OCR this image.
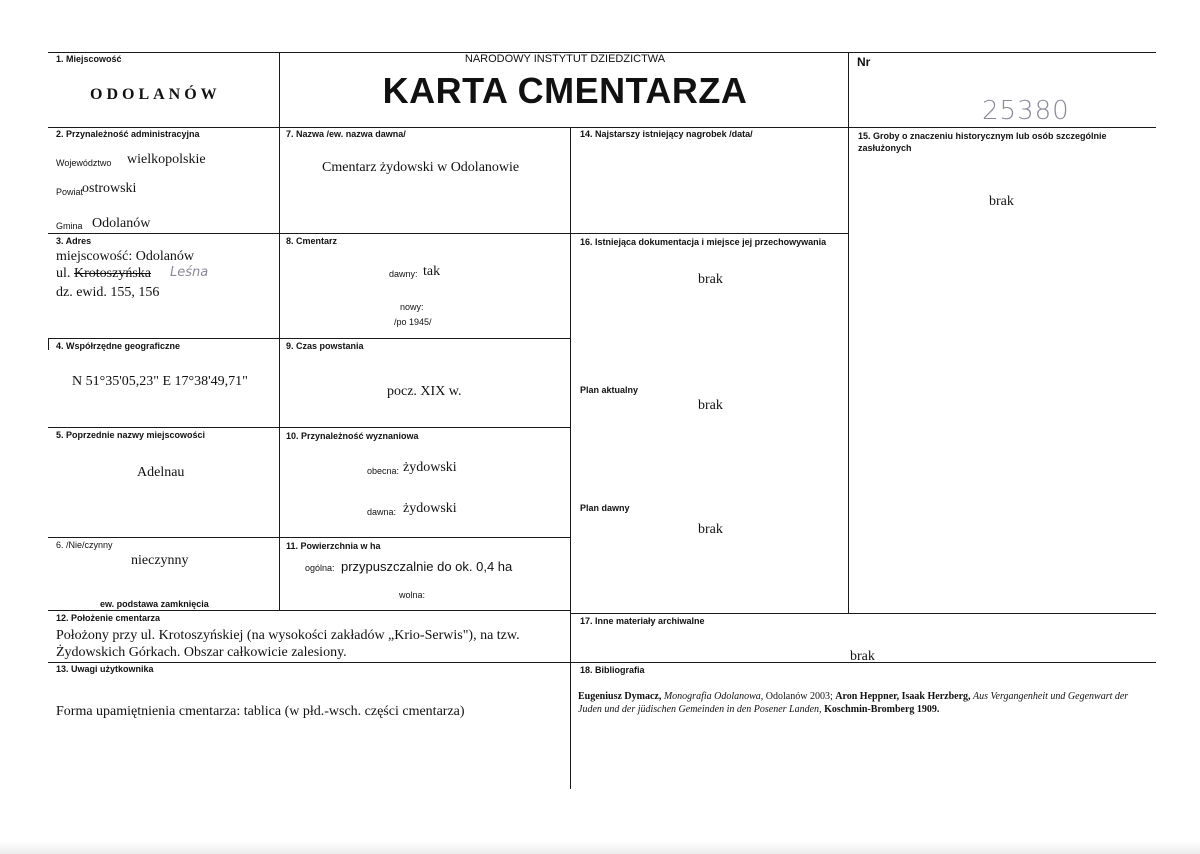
NARODOWY INSTYTUT DZIEDZICTWA
KARTA CMENTARZA
Nr
25380
1. Miejscowość
ODOLANÓW
2. Przynależność administracyjna
Województwo wielkopolskie
Powiat
ostrowski
Gmina Odolanów
3. Adres
miejscowość: Odolanów
ul. Krotoszyńska Leśna
dz. ewid. 155, 156
4. Współrzędne geograficzne
N 51°35'05,23" E 17°38'49,71"
5. Poprzednie nazwy miejscowości
Adelnau
6. /Nie/czynny
nieczynny
ew. podstawa zamknięcia
7. Nazwa /ew. nazwa dawna/
Cmentarz żydowski w Odolanowie
8. Cmentarz
dawny: tak
nowy:
/po 1945/
9. Czas powstania
pocz. XIX w.
10. Przynależność wyznaniowa
obecna: żydowski
dawna: żydowski
11. Powierzchnia w ha
ogólna: przypuszczalnie do ok. 0,4 ha
wolna:
12. Położenie cmentarza
Położony przy ul. Krotoszyńskiej (na wysokości zakładów „Krio-Serwis"), na tzw.
Żydowskich Górkach. Obszar całkowicie zalesiony.
13. Uwagi użytkownika
Forma upamiętnienia cmentarza: tablica (w płd.-wsch. części cmentarza)
14. Najstarszy istniejący nagrobek /data/	15. Groby o znaczeniu historycznym lub osób szczególnie zasłużonych
brak
16. Istniejąca dokumentacja i miejsce jej przechowywania
brak
Plan aktualny
brak
Plan dawny
brak
17. Inne materiały archiwalne
brak
18. Bibliografia
Eugeniusz Dymacz, Monografia Odolanowa, Odolanów 2003; Aron Heppner, Isaak Herzberg, Aus Vergangenheit und Gegenwart der Juden und der jüdischen Gemeinden in den Posener Landen, Koschmin-Bromberg 1909.
